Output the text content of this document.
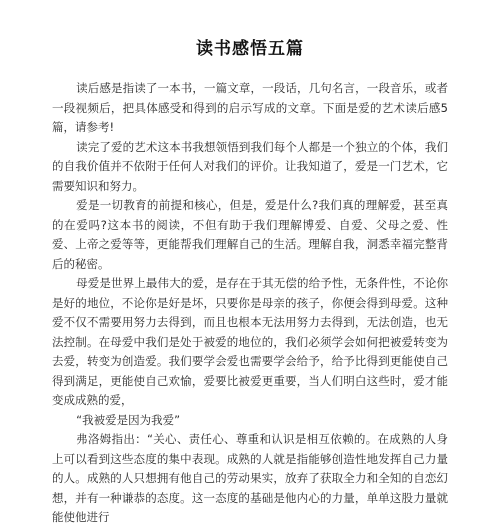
读书感悟五篇

读后感是指读了一本书，一篇文章，一段话，几句名言，一段音乐，或者一段视频后，把具体感受和得到的启示写成的文章。下面是爱的艺术读后感5篇，请参考!

读完了爱的艺术这本书我想领悟到我们每个人都是一个独立的个体，我们的自我价值并不依附于任何人对我们的评价。让我知道了，爱是一门艺术，它需要知识和努力。

爱是一切教育的前提和核心，但是，爱是什么?我们真的理解爱，甚至真的在爱吗?这本书的阅读，不但有助于我们理解博爱、自爱、父母之爱、性爱、上帝之爱等等，更能帮我们理解自己的生活。理解自我，洞悉幸福完整背后的秘密。

母爱是世界上最伟大的爱，是存在于其无偿的给予性，无条件性，不论你是好的地位，不论你是好是坏，只要你是母亲的孩子，你便会得到母爱。这种爱不仅不需要用努力去得到，而且也根本无法用努力去得到，无法创造，也无法控制。在母爱中我们是处于被爱的地位的，我们必须学会如何把被爱转变为去爱，转变为创造爱。我们要学会爱也需要学会给予，给予比得到更能使自己得到满足，更能使自己欢愉，爱要比被爱更重要，当人们明白这些时，爱才能变成成熟的爱，

“我被爱是因为我爱”

弗洛姆指出：“关心、责任心、尊重和认识是相互依赖的。在成熟的人身上可以看到这些态度的集中表现。成熟的人就是指能够创造性地发挥自己力量的人。成熟的人只想拥有他自己的劳动果实，放弃了获取全力和全知的自恋幻想，并有一种谦恭的态度。这一态度的基础是他内心的力量，单单这股力量就能使他进行
